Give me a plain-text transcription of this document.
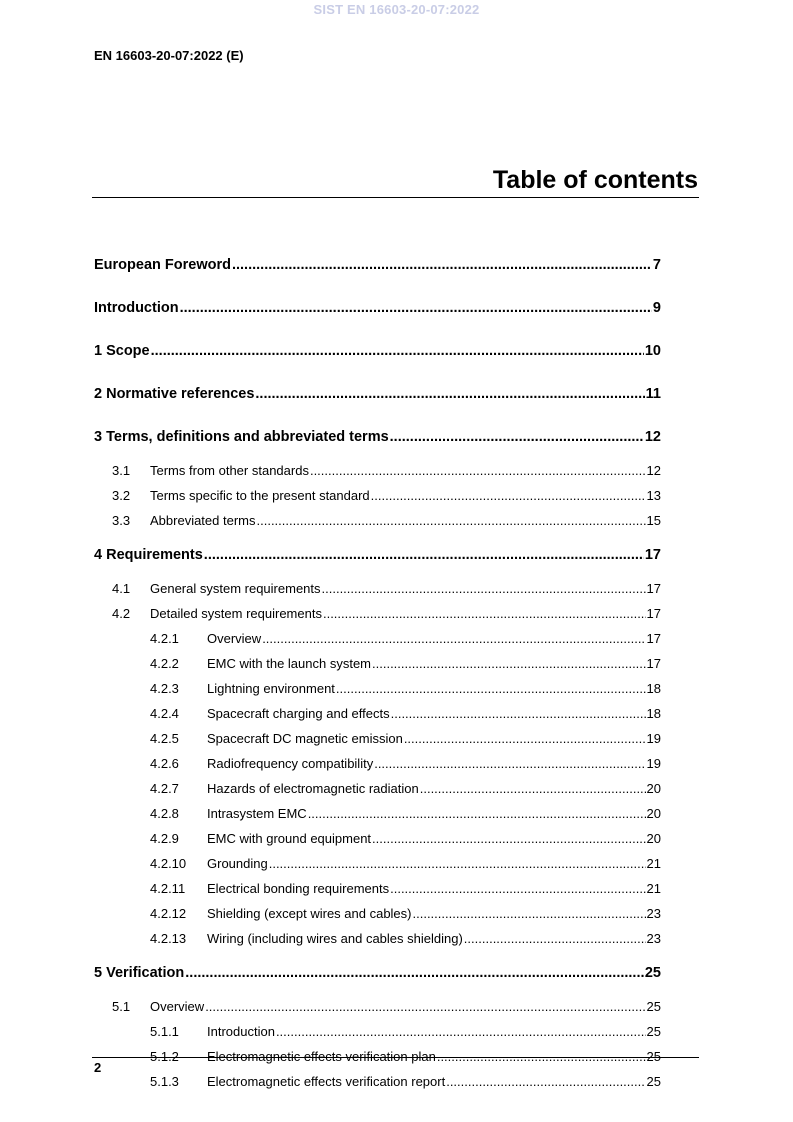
SIST EN 16603-20-07:2022
EN 16603-20-07:2022 (E)
Table of contents
European Foreword .....	7
Introduction .....	9
1 Scope .....	10
2 Normative references .....	11
3 Terms, definitions and abbreviated terms .....	12
3.1	Terms from other standards .....	12
3.2	Terms specific to the present standard .....	13
3.3	Abbreviated terms .....	15
4 Requirements .....	17
4.1	General system requirements .....	17
4.2	Detailed system requirements .....	17
4.2.1	Overview .....	17
4.2.2	EMC with the launch system .....	17
4.2.3	Lightning environment .....	18
4.2.4	Spacecraft charging and effects .....	18
4.2.5	Spacecraft DC magnetic emission .....	19
4.2.6	Radiofrequency compatibility .....	19
4.2.7	Hazards of electromagnetic radiation .....	20
4.2.8	Intrasystem EMC .....	20
4.2.9	EMC with ground equipment .....	20
4.2.10	Grounding .....	21
4.2.11	Electrical bonding requirements .....	21
4.2.12	Shielding (except wires and cables) .....	23
4.2.13	Wiring (including wires and cables shielding) .....	23
5 Verification .....	25
5.1	Overview .....	25
5.1.1	Introduction .....	25
5.1.2	Electromagnetic effects verification plan .....	25
5.1.3	Electromagnetic effects verification report .....	25
2
